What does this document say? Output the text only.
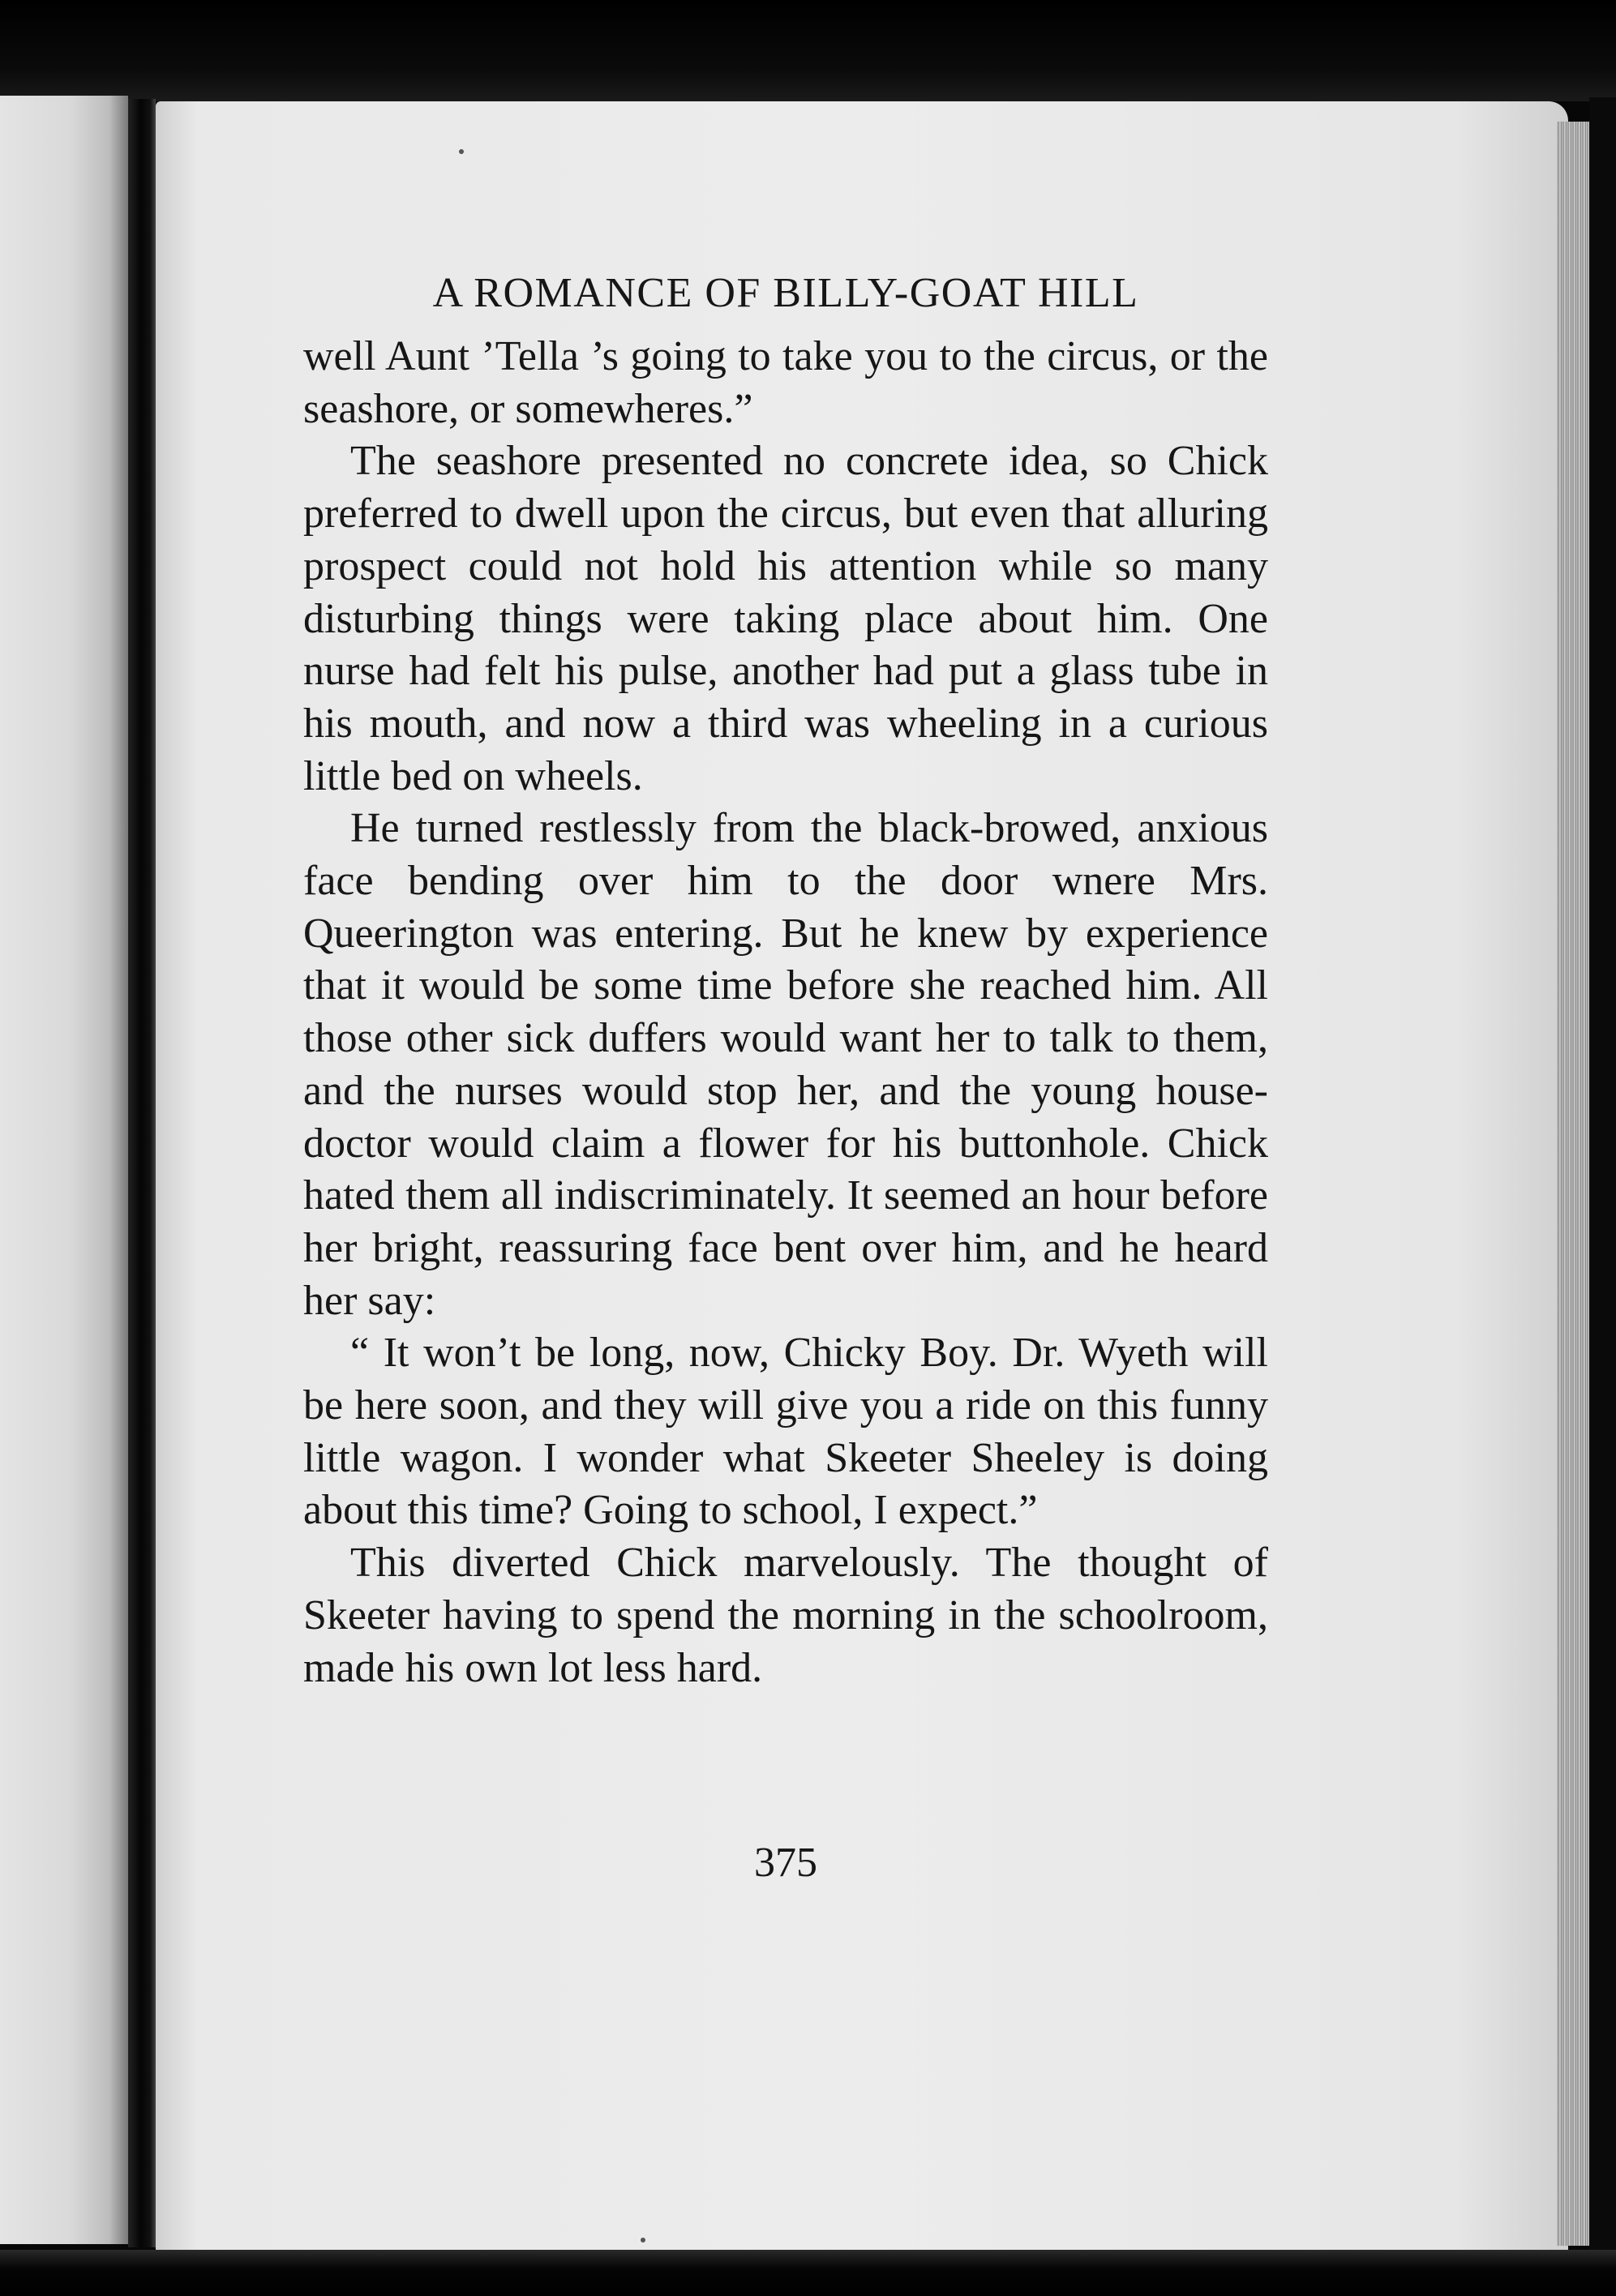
A ROMANCE OF BILLY-GOAT HILL

well Aunt ’Tella ’s going to take you to the circus, or the seashore, or somewheres.”

The seashore presented no concrete idea, so Chick preferred to dwell upon the circus, but even that alluring prospect could not hold his attention while so many disturbing things were taking place about him. One nurse had felt his pulse, another had put a glass tube in his mouth, and now a third was wheeling in a curious little bed on wheels.

He turned restlessly from the black-browed, anxious face bending over him to the door wnere Mrs. Queerington was entering. But he knew by experience that it would be some time before she reached him. All those other sick duffers would want her to talk to them, and the nurses would stop her, and the young house-doctor would claim a flower for his buttonhole. Chick hated them all indiscriminately. It seemed an hour before her bright, reassuring face bent over him, and he heard her say:

“ It won’t be long, now, Chicky Boy. Dr. Wyeth will be here soon, and they will give you a ride on this funny little wagon. I wonder what Skeeter Sheeley is doing about this time? Going to school, I expect.”

This diverted Chick marvelously. The thought of Skeeter having to spend the morning in the schoolroom, made his own lot less hard.

375
